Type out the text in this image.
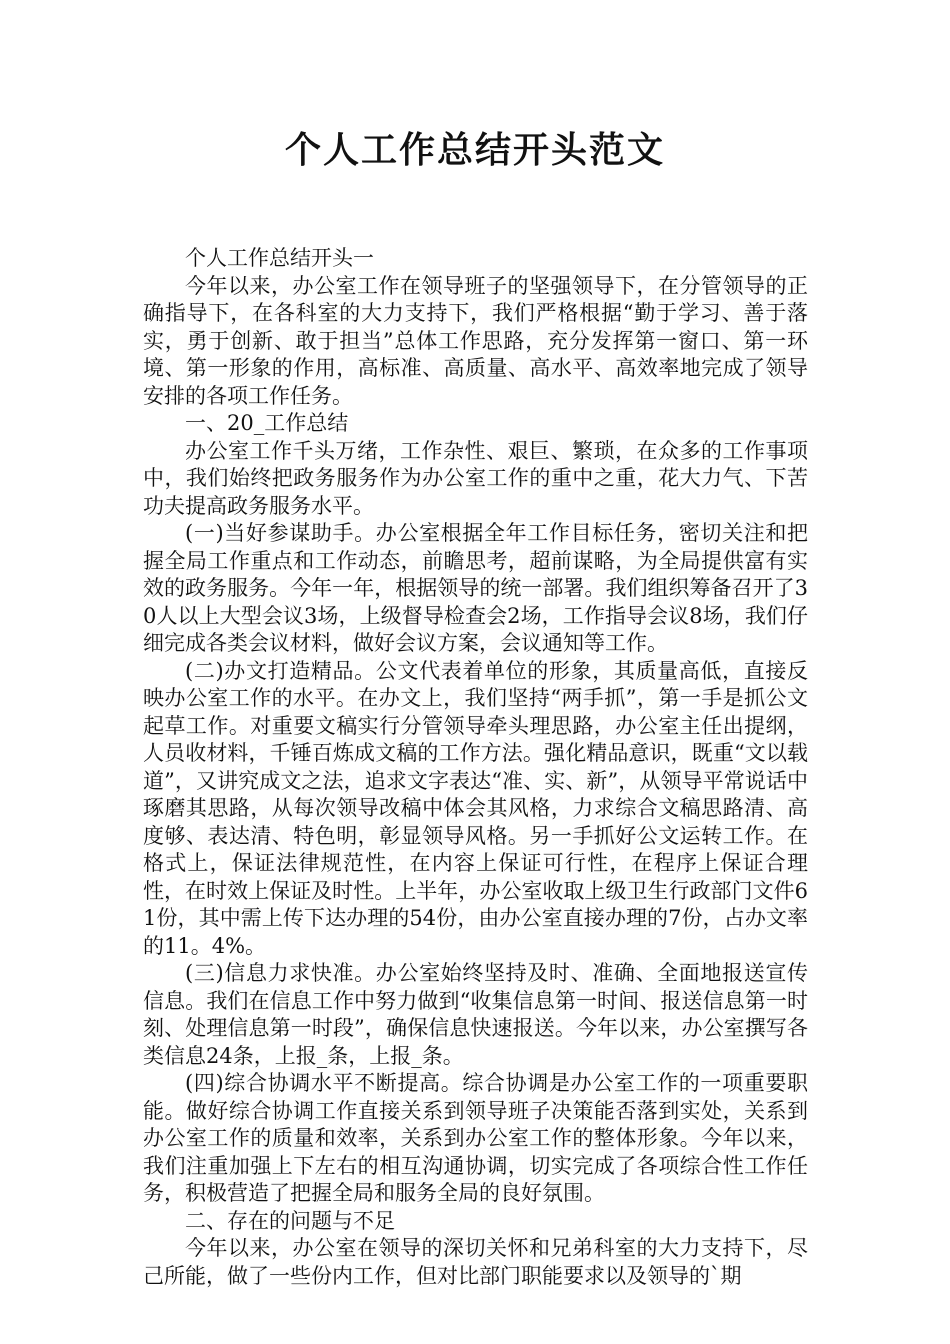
个人工作总结开头范文

个人工作总结开头一

今年以来，办公室工作在领导班子的坚强领导下，在分管领导的正确指导下，在各科室的大力支持下，我们严格根据“勤于学习、善于落实，勇于创新、敢于担当”总体工作思路，充分发挥第一窗口、第一环境、第一形象的作用，高标准、高质量、高水平、高效率地完成了领导安排的各项工作任务。

一、20_工作总结

办公室工作千头万绪，工作杂性、艰巨、繁琐，在众多的工作事项中，我们始终把政务服务作为办公室工作的重中之重，花大力气、下苦功夫提高政务服务水平。

(一)当好参谋助手。办公室根据全年工作目标任务，密切关注和把握全局工作重点和工作动态，前瞻思考，超前谋略，为全局提供富有实效的政务服务。今年一年，根据领导的统一部署。我们组织筹备召开了30人以上大型会议3场，上级督导检查会2场，工作指导会议8场，我们仔细完成各类会议材料，做好会议方案，会议通知等工作。

(二)办文打造精品。公文代表着单位的形象，其质量高低，直接反映办公室工作的水平。在办文上，我们坚持“两手抓”，第一手是抓公文起草工作。对重要文稿实行分管领导牵头理思路，办公室主任出提纲，人员收材料，千锤百炼成文稿的工作方法。强化精品意识，既重“文以载道”，又讲究成文之法，追求文字表达“准、实、新”，从领导平常说话中琢磨其思路，从每次领导改稿中体会其风格，力求综合文稿思路清、高度够、表达清、特色明，彰显领导风格。另一手抓好公文运转工作。在格式上，保证法律规范性，在内容上保证可行性，在程序上保证合理性，在时效上保证及时性。上半年，办公室收取上级卫生行政部门文件61份，其中需上传下达办理的54份，由办公室直接办理的7份，占办文率的11。4%。

(三)信息力求快准。办公室始终坚持及时、准确、全面地报送宣传信息。我们在信息工作中努力做到“收集信息第一时间、报送信息第一时刻、处理信息第一时段”，确保信息快速报送。今年以来，办公室撰写各类信息24条，上报_条，上报_条。

(四)综合协调水平不断提高。综合协调是办公室工作的一项重要职能。做好综合协调工作直接关系到领导班子决策能否落到实处，关系到办公室工作的质量和效率，关系到办公室工作的整体形象。今年以来，我们注重加强上下左右的相互沟通协调，切实完成了各项综合性工作任务，积极营造了把握全局和服务全局的良好氛围。

二、存在的问题与不足

今年以来，办公室在领导的深切关怀和兄弟科室的大力支持下，尽己所能，做了一些份内工作，但对比部门职能要求以及领导的`期
